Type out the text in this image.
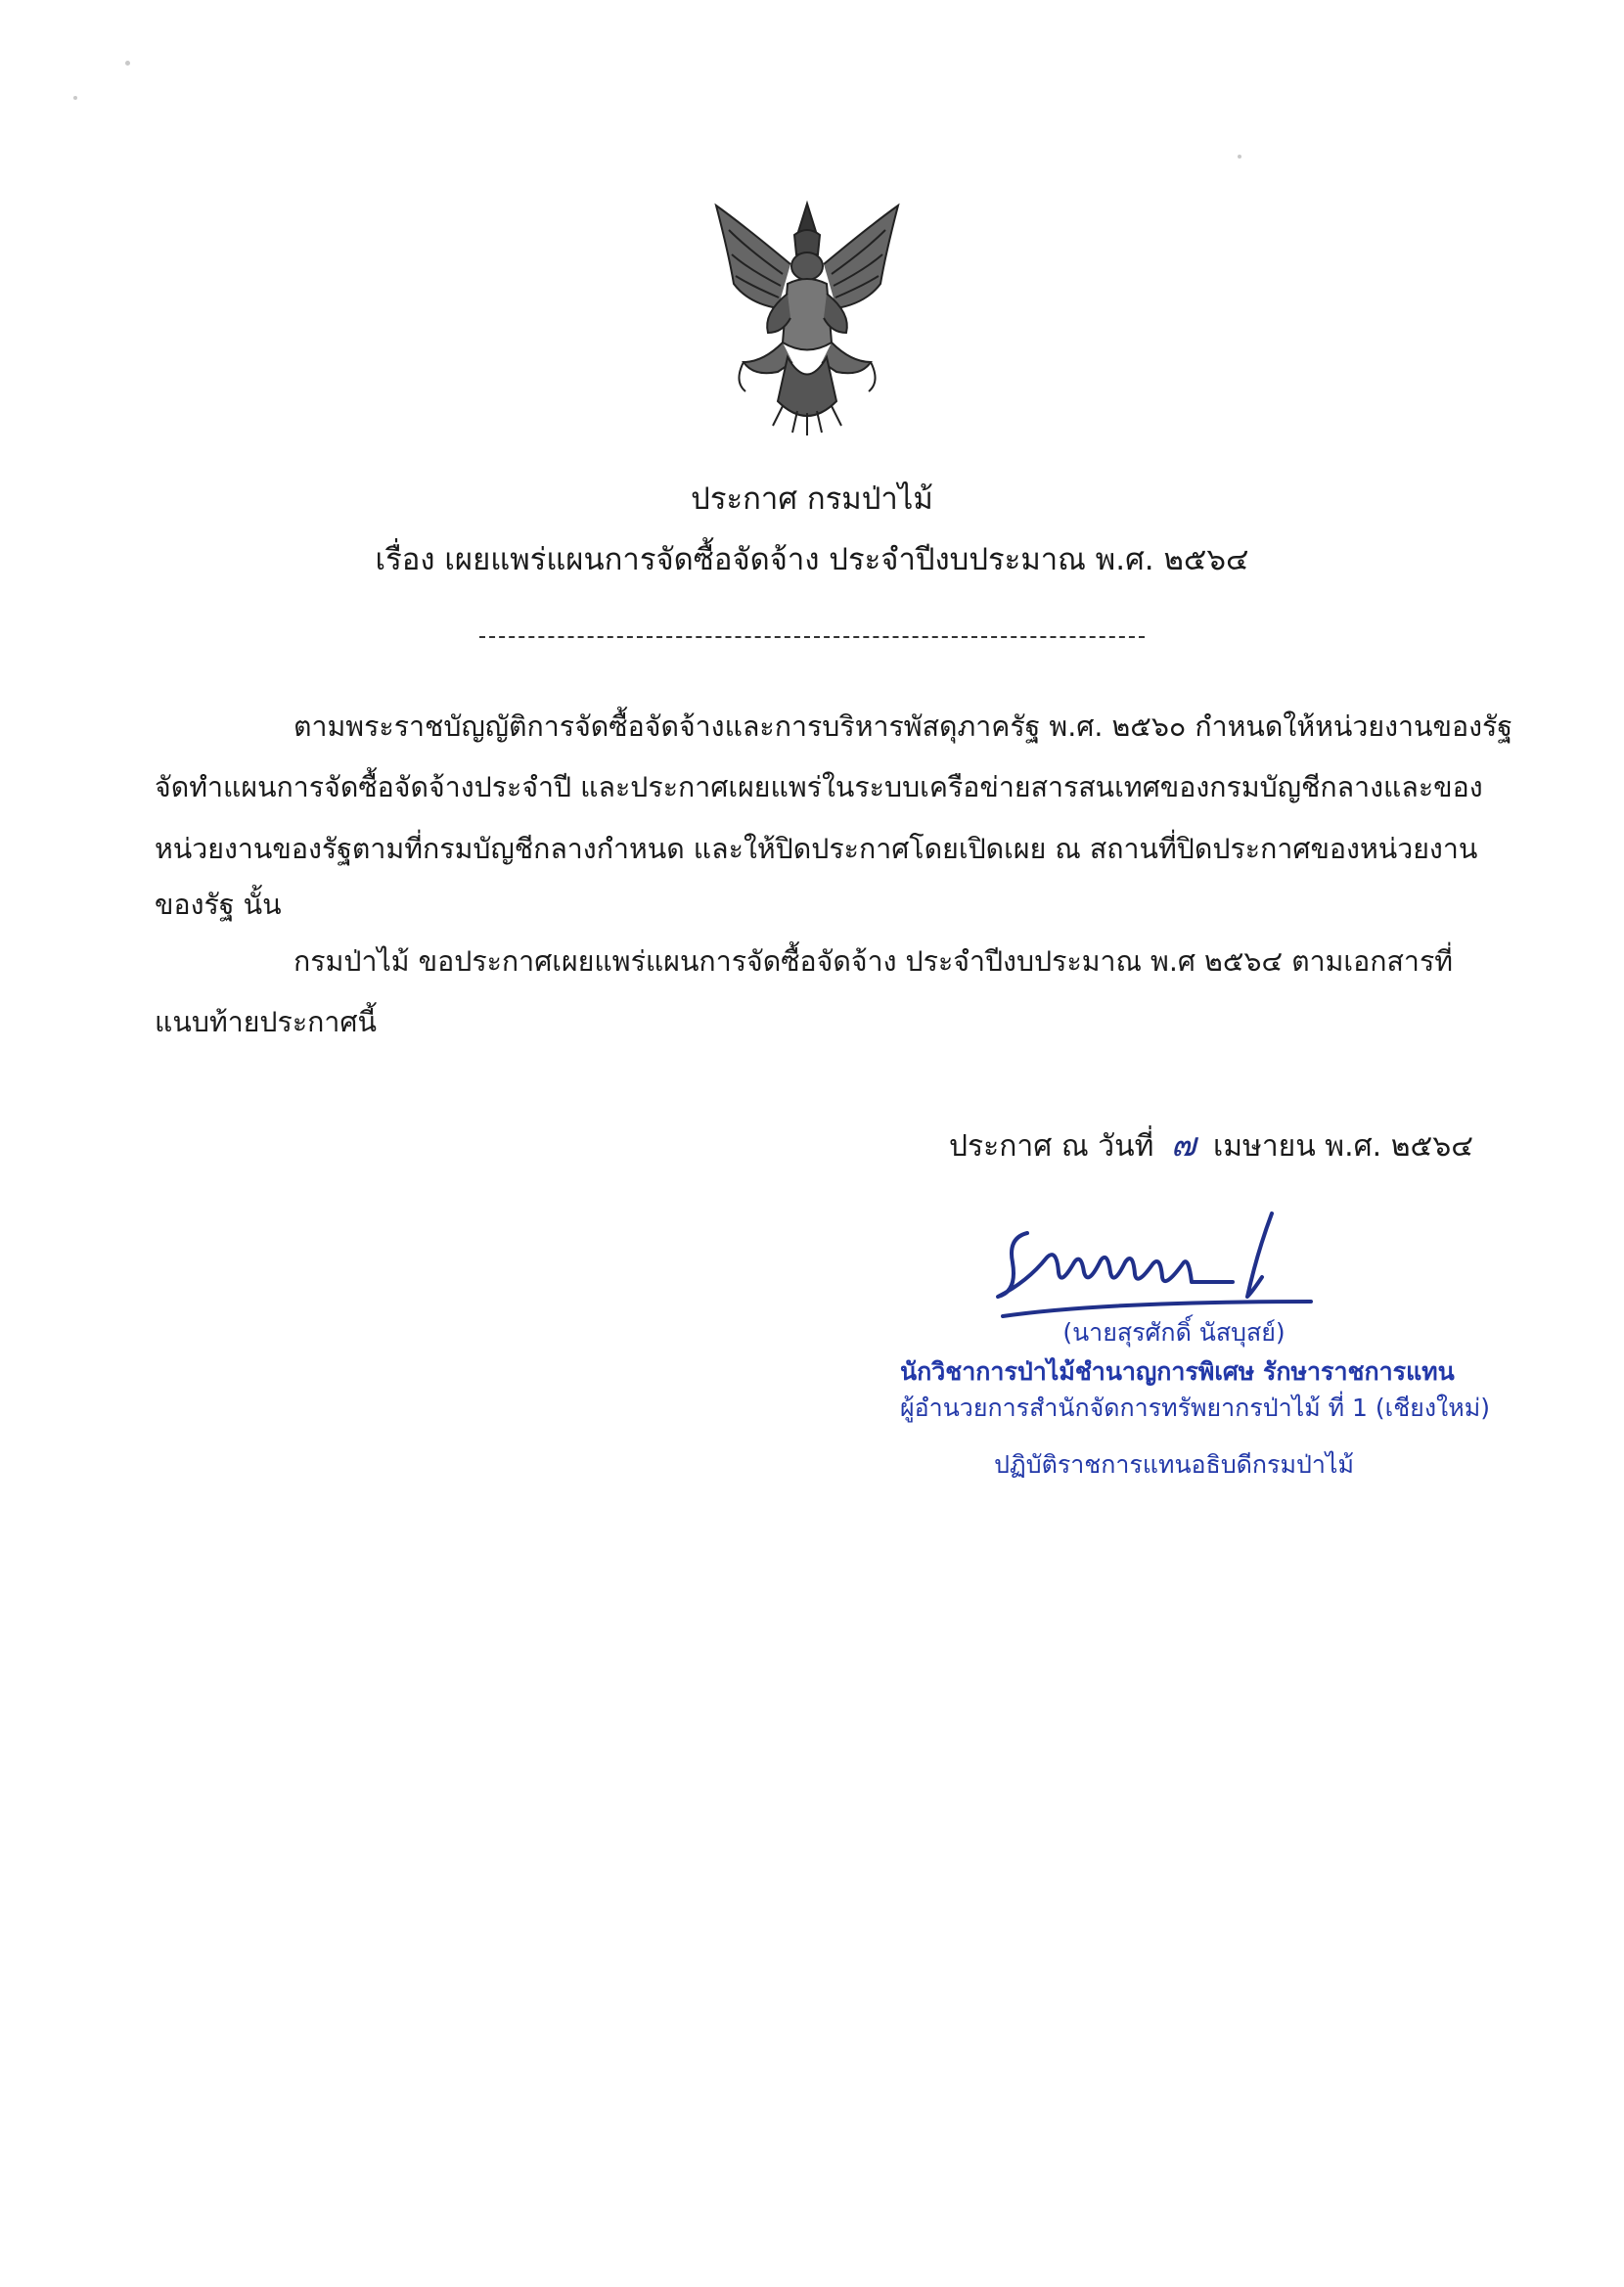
ประกาศ กรมป่าไม้
เรื่อง เผยแพร่แผนการจัดซื้อจัดจ้าง ประจำปีงบประมาณ พ.ศ. ๒๕๖๔
ตามพระราชบัญญัติการจัดซื้อจัดจ้างและการบริหารพัสดุภาครัฐ พ.ศ. ๒๕๖๐ กำหนดให้หน่วยงานของรัฐ
จัดทำแผนการจัดซื้อจัดจ้างประจำปี และประกาศเผยแพร่ในระบบเครือข่ายสารสนเทศของกรมบัญชีกลางและของ
หน่วยงานของรัฐตามที่กรมบัญชีกลางกำหนด และให้ปิดประกาศโดยเปิดเผย ณ สถานที่ปิดประกาศของหน่วยงาน
ของรัฐ นั้น
กรมป่าไม้ ขอประกาศเผยแพร่แผนการจัดซื้อจัดจ้าง ประจำปีงบประมาณ พ.ศ ๒๕๖๔ ตามเอกสารที่
แนบท้ายประกาศนี้
ประกาศ ณ วันที่ ๗ เมษายน พ.ศ. ๒๕๖๔
(นายสุรศักดิ์ นัสบุสย์)
นักวิชาการป่าไม้ชำนาญการพิเศษ รักษาราชการแทน
ผู้อำนวยการสำนักจัดการทรัพยากรป่าไม้ ที่ 1 (เชียงใหม่)
ปฏิบัติราชการแทนอธิบดีกรมป่าไม้
